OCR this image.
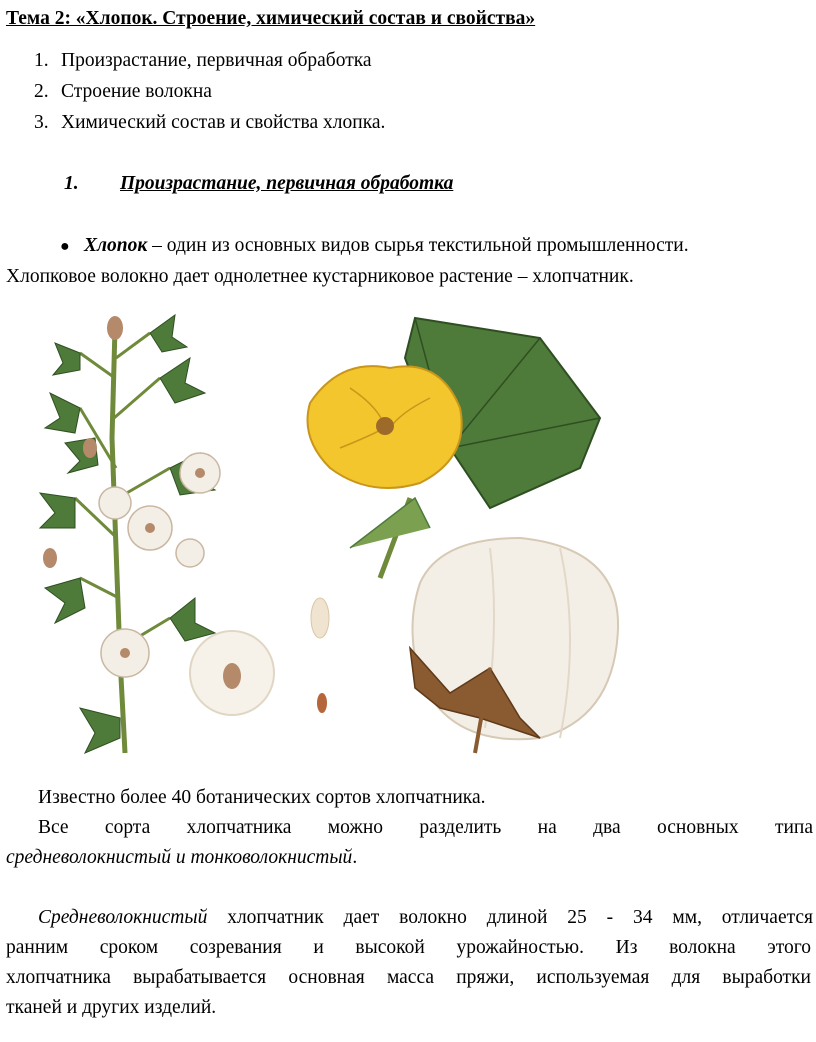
Тема 2: «Хлопок. Строение, химический состав и свойства»
1. Произрастание, первичная обработка
2. Строение волокна
3. Химический состав и свойства хлопка.
1. Произрастание, первичная обработка
● Хлопок – один из основных видов сырья текстильной промышленности.
Хлопковое волокно дает однолетнее кустарниковое растение – хлопчатник.
Известно более 40 ботанических сортов хлопчатника.
Все сорта хлопчатника можно разделить на два основных типа
средневолокнистый и тонковолокнистый.
Средневолокнистый хлопчатник дает волокно длиной 25 - 34 мм, отличается
ранним сроком созревания и высокой урожайностью. Из волокна этого
хлопчатника вырабатывается основная масса пряжи, используемая для выработки
тканей и других изделий.
